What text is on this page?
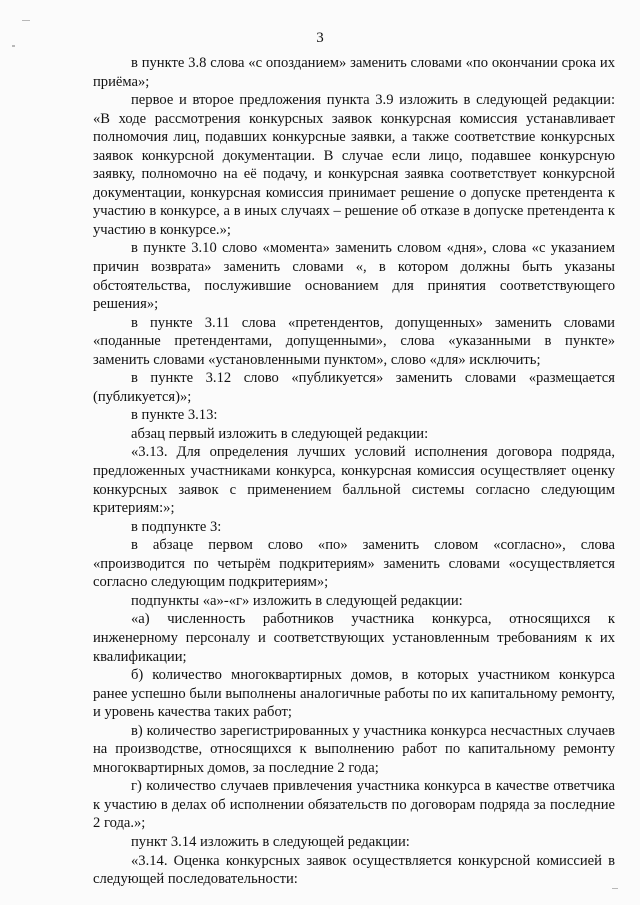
3

в пункте 3.8 слова «с опозданием» заменить словами «по окончании срока их приёма»;

первое и второе предложения пункта 3.9 изложить в следующей редакции: «В ходе рассмотрения конкурсных заявок конкурсная комиссия устанавливает полномочия лиц, подавших конкурсные заявки, а также соответствие конкурсных заявок конкурсной документации. В случае если лицо, подавшее конкурсную заявку, полномочно на её подачу, и конкурсная заявка соответствует конкурсной документации, конкурсная комиссия принимает решение о допуске претендента к участию в конкурсе, а в иных случаях – решение об отказе в допуске претендента к участию в конкурсе.»;

в пункте 3.10 слово «момента» заменить словом «дня», слова «с указанием причин возврата» заменить словами «, в котором должны быть указаны обстоятельства, послужившие основанием для принятия соответствующего решения»;

в пункте 3.11 слова «претендентов, допущенных» заменить словами «поданные претендентами, допущенными», слова «указанными в пункте» заменить словами «установленными пунктом», слово «для» исключить;

в пункте 3.12 слово «публикуется» заменить словами «размещается (публикуется)»;

в пункте 3.13:

абзац первый изложить в следующей редакции:

«3.13. Для определения лучших условий исполнения договора подряда, предложенных участниками конкурса, конкурсная комиссия осуществляет оценку конкурсных заявок с применением балльной системы согласно следующим критериям:»;

в подпункте 3:

в абзаце первом слово «по» заменить словом «согласно», слова «производится по четырём подкритериям» заменить словами «осуществляется согласно следующим подкритериям»;

подпункты «а»-«г» изложить в следующей редакции:

«а) численность работников участника конкурса, относящихся к инженерному персоналу и соответствующих установленным требованиям к их квалификации;

б) количество многоквартирных домов, в которых участником конкурса ранее успешно были выполнены аналогичные работы по их капитальному ремонту, и уровень качества таких работ;

в) количество зарегистрированных у участника конкурса несчастных случаев на производстве, относящихся к выполнению работ по капитальному ремонту многоквартирных домов, за последние 2 года;

г) количество случаев привлечения участника конкурса в качестве ответчика к участию в делах об исполнении обязательств по договорам подряда за последние 2 года.»;

пункт 3.14 изложить в следующей редакции:

«3.14. Оценка конкурсных заявок осуществляется конкурсной комиссией в следующей последовательности:
